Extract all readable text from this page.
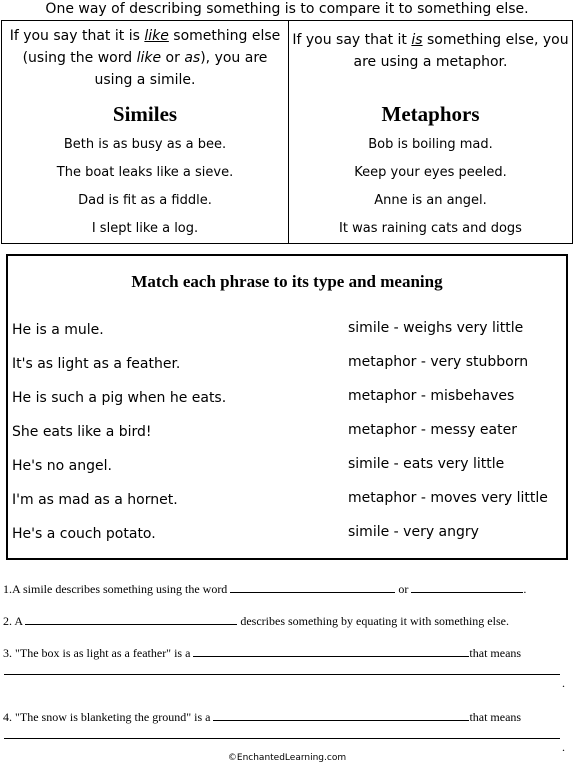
One way of describing something is to compare it to something else.
If you say that it is like something else (using the word like or as), you are using a simile.
Similes
Beth is as busy as a bee.
The boat leaks like a sieve.
Dad is fit as a fiddle.
I slept like a log.
If you say that it is something else, you are using a metaphor.
Metaphors
Bob is boiling mad.
Keep your eyes peeled.
Anne is an angel.
It was raining cats and dogs
Match each phrase to its type and meaning
He is a mule.
It's as light as a feather.
He is such a pig when he eats.
She eats like a bird!
He's no angel.
I'm as mad as a hornet.
He's a couch potato.
simile - weighs very little
metaphor - very stubborn
metaphor - misbehaves
metaphor - messy eater
simile - eats very little
metaphor - moves very little
simile - very angry
1.A simile describes something using the word	or	.
2. A	describes something by equating it with something else.
3. "The box is as light as a feather" is a	that means
.
4. "The snow is blanketing the ground" is a	that means
.
©EnchantedLearning.com
